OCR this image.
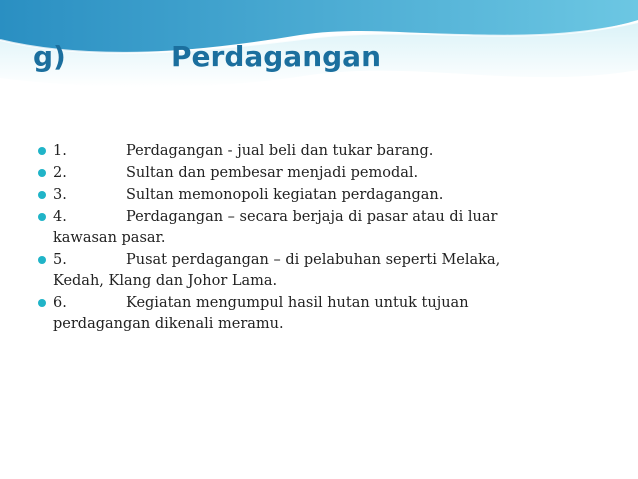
g)	Perdagangan
1.	Perdagangan - jual beli dan tukar barang.
2.	Sultan dan pembesar menjadi pemodal.
3.	Sultan memonopoli kegiatan perdagangan.
4.	Perdagangan – secara berjaja di pasar atau di luar
kawasan pasar.
5.	Pusat perdagangan – di pelabuhan seperti Melaka,
Kedah, Klang dan Johor Lama.
6.	Kegiatan mengumpul hasil hutan untuk tujuan
perdagangan dikenali meramu.
